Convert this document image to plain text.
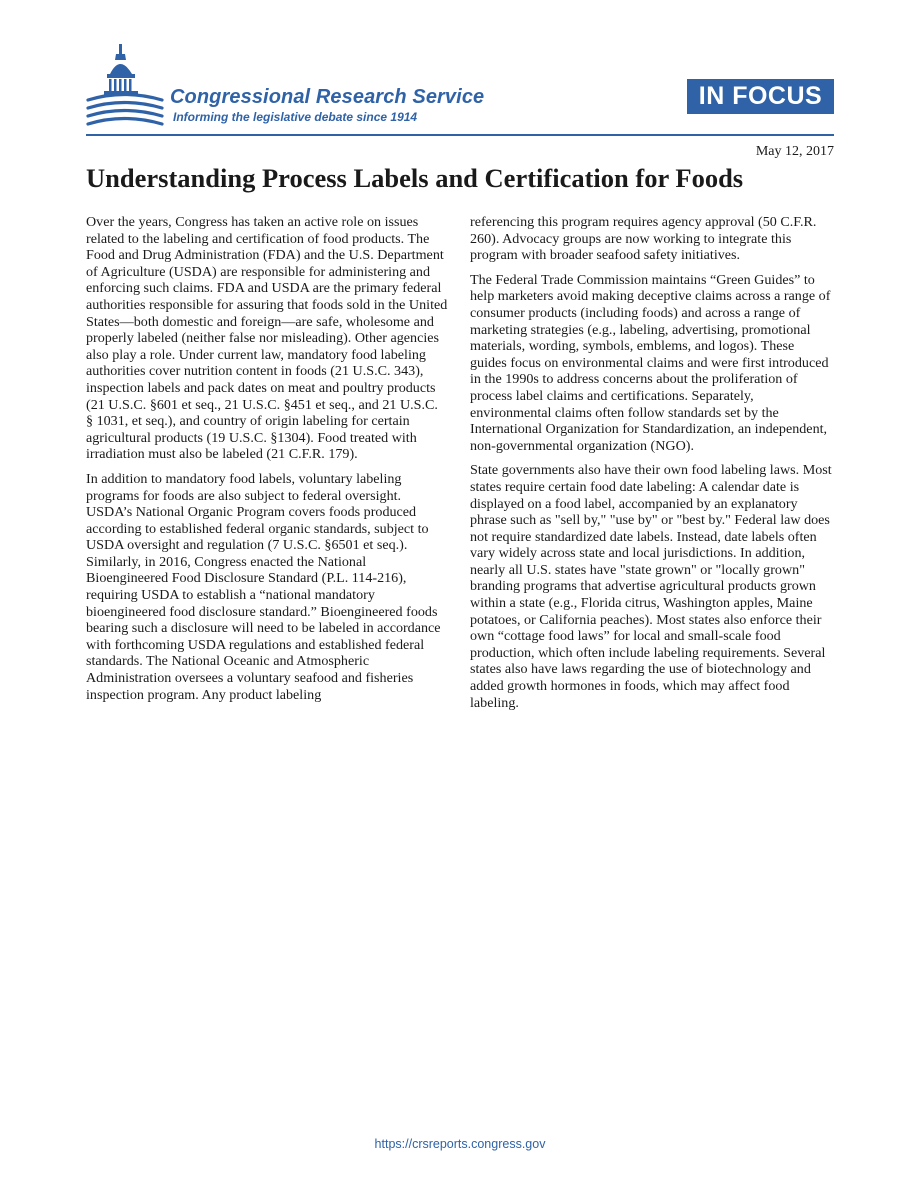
Congressional Research Service
Informing the legislative debate since 1914
IN FOCUS
May 12, 2017
Understanding Process Labels and Certification for Foods

Over the years, Congress has taken an active role on issues related to the labeling and certification of food products. The Food and Drug Administration (FDA) and the U.S. Department of Agriculture (USDA) are responsible for administering and enforcing such claims. FDA and USDA are the primary federal authorities responsible for assuring that foods sold in the United States—both domestic and foreign—are safe, wholesome and properly labeled (neither false nor misleading). Other agencies also play a role. Under current law, mandatory food labeling authorities cover nutrition content in foods (21 U.S.C. 343), inspection labels and pack dates on meat and poultry products (21 U.S.C. §601 et seq., 21 U.S.C. §451 et seq., and 21 U.S.C. § 1031, et seq.), and country of origin labeling for certain agricultural products (19 U.S.C. §1304). Food treated with irradiation must also be labeled (21 C.F.R. 179).

In addition to mandatory food labels, voluntary labeling programs for foods are also subject to federal oversight. USDA’s National Organic Program covers foods produced according to established federal organic standards, subject to USDA oversight and regulation (7 U.S.C. §6501 et seq.). Similarly, in 2016, Congress enacted the National Bioengineered Food Disclosure Standard (P.L. 114-216), requiring USDA to establish a “national mandatory bioengineered food disclosure standard.” Bioengineered foods bearing such a disclosure will need to be labeled in accordance with forthcoming USDA regulations and established federal standards. The National Oceanic and Atmospheric Administration oversees a voluntary seafood and fisheries inspection program. Any product labeling

referencing this program requires agency approval (50 C.F.R. 260). Advocacy groups are now working to integrate this program with broader seafood safety initiatives.

The Federal Trade Commission maintains “Green Guides” to help marketers avoid making deceptive claims across a range of consumer products (including foods) and across a range of marketing strategies (e.g., labeling, advertising, promotional materials, wording, symbols, emblems, and logos). These guides focus on environmental claims and were first introduced in the 1990s to address concerns about the proliferation of process label claims and certifications. Separately, environmental claims often follow standards set by the International Organization for Standardization, an independent, non-governmental organization (NGO).

State governments also have their own food labeling laws. Most states require certain food date labeling: A calendar date is displayed on a food label, accompanied by an explanatory phrase such as "sell by," "use by" or "best by." Federal law does not require standardized date labels. Instead, date labels often vary widely across state and local jurisdictions. In addition, nearly all U.S. states have "state grown" or "locally grown" branding programs that advertise agricultural products grown within a state (e.g., Florida citrus, Washington apples, Maine potatoes, or California peaches). Most states also enforce their own “cottage food laws” for local and small-scale food production, which often include labeling requirements. Several states also have laws regarding the use of biotechnology and added growth hormones in foods, which may affect food labeling.

https://crsreports.congress.gov
